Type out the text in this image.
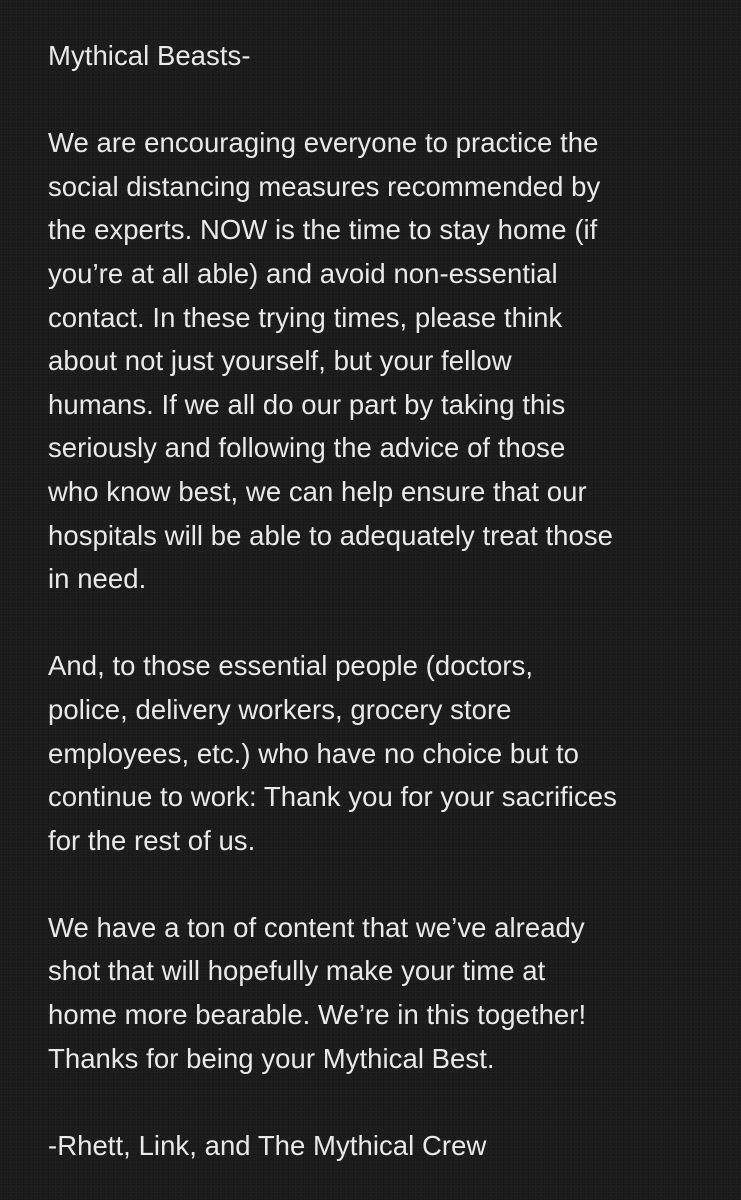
Mythical Beasts-

We are encouraging everyone to practice the

social distancing measures recommended by

the experts. NOW is the time to stay home (if

you’re at all able) and avoid non-essential

contact. In these trying times, please think

about not just yourself, but your fellow

humans. If we all do our part by taking this

seriously and following the advice of those

who know best, we can help ensure that our

hospitals will be able to adequately treat those

in need.

And, to those essential people (doctors,

police, delivery workers, grocery store

employees, etc.) who have no choice but to

continue to work: Thank you for your sacrifices

for the rest of us.

We have a ton of content that we’ve already

shot that will hopefully make your time at

home more bearable. We’re in this together!

Thanks for being your Mythical Best.

-Rhett, Link, and The Mythical Crew
